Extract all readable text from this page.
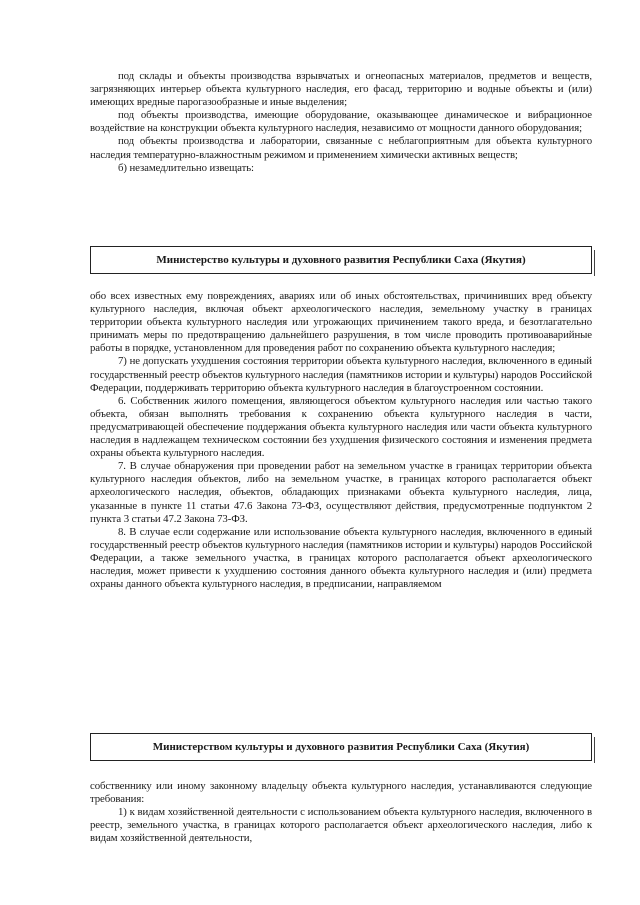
под склады и объекты производства взрывчатых и огнеопасных материалов, предметов и веществ, загрязняющих интерьер объекта культурного наследия, его фасад, территорию и водные объекты и (или) имеющих вредные парогазообразные и иные выделения;

под объекты производства, имеющие оборудование, оказывающее динамическое и вибрационное воздействие на конструкции объекта культурного наследия, независимо от мощности данного оборудования;

под объекты производства и лаборатории, связанные с неблагоприятным для объекта культурного наследия температурно-влажностным режимом и применением химически активных веществ;

б) незамедлительно извещать:

Министерство культуры и духовного развития Республики Саха (Якутия)

обо всех известных ему повреждениях, авариях или об иных обстоятельствах, причинивших вред объекту культурного наследия, включая объект археологического наследия, земельному участку в границах территории объекта культурного наследия или угрожающих причинением такого вреда, и безотлагательно принимать меры по предотвращению дальнейшего разрушения, в том числе проводить противоаварийные работы в порядке, установленном для проведения работ по сохранению объекта культурного наследия;

7) не допускать ухудшения состояния территории объекта культурного наследия, включенного в единый государственный реестр объектов культурного наследия (памятников истории и культуры) народов Российской Федерации, поддерживать территорию объекта культурного наследия в благоустроенном состоянии.

6. Собственник жилого помещения, являющегося объектом культурного наследия или частью такого объекта, обязан выполнять требования к сохранению объекта культурного наследия в части, предусматривающей обеспечение поддержания объекта культурного наследия или части объекта культурного наследия в надлежащем техническом состоянии без ухудшения физического состояния и изменения предмета охраны объекта культурного наследия.

7. В случае обнаружения при проведении работ на земельном участке в границах территории объекта культурного наследия объектов, либо на земельном участке, в границах которого располагается объект археологического наследия, объектов, обладающих признаками объекта культурного наследия, лица, указанные в пункте 11 статьи 47.6 Закона 73-ФЗ, осуществляют действия, предусмотренные подпунктом 2 пункта 3 статьи 47.2 Закона 73-ФЗ.

8. В случае если содержание или использование объекта культурного наследия, включенного в единый государственный реестр объектов культурного наследия (памятников истории и культуры) народов Российской Федерации, а также земельного участка, в границах которого располагается объект археологического наследия, может привести к ухудшению состояния данного объекта культурного наследия и (или) предмета охраны данного объекта культурного наследия, в предписании, направляемом

Министерством культуры и духовного развития Республики Саха (Якутия)

собственнику или иному законному владельцу объекта культурного наследия, устанавливаются следующие требования:

1) к видам хозяйственной деятельности с использованием объекта культурного наследия, включенного в реестр, земельного участка, в границах которого располагается объект археологического наследия, либо к видам хозяйственной деятельности,
